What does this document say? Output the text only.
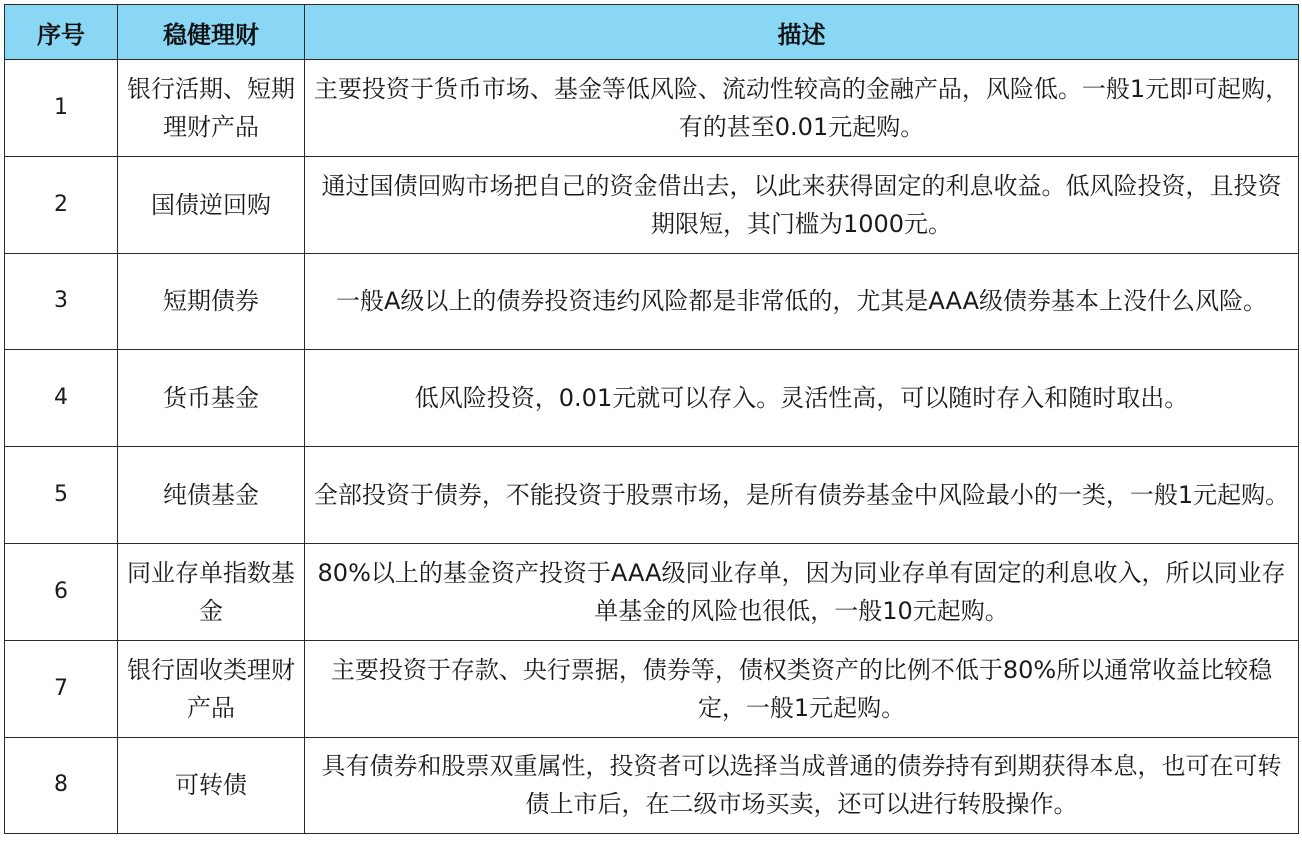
序号	稳健理财	描述
1	银行活期、短期理财产品	主要投资于货币市场、基金等低风险、流动性较高的金融产品，风险低。一般1元即可起购，有的甚至0.01元起购。
2	国债逆回购	通过国债回购市场把自己的资金借出去，以此来获得固定的利息收益。低风险投资，且投资期限短，其门槛为1000元。
3	短期债券	一般A级以上的债券投资违约风险都是非常低的，尤其是AAA级债券基本上没什么风险。
4	货币基金	低风险投资，0.01元就可以存入。灵活性高，可以随时存入和随时取出。
5	纯债基金	全部投资于债券，不能投资于股票市场，是所有债券基金中风险最小的一类，一般1元起购。
6	同业存单指数基金	80%以上的基金资产投资于AAA级同业存单，因为同业存单有固定的利息收入，所以同业存单基金的风险也很低，一般10元起购。
7	银行固收类理财产品	主要投资于存款、央行票据，债券等，债权类资产的比例不低于80%所以通常收益比较稳定，一般1元起购。
8	可转债	具有债券和股票双重属性，投资者可以选择当成普通的债券持有到期获得本息，也可在可转债上市后，在二级市场买卖，还可以进行转股操作。
